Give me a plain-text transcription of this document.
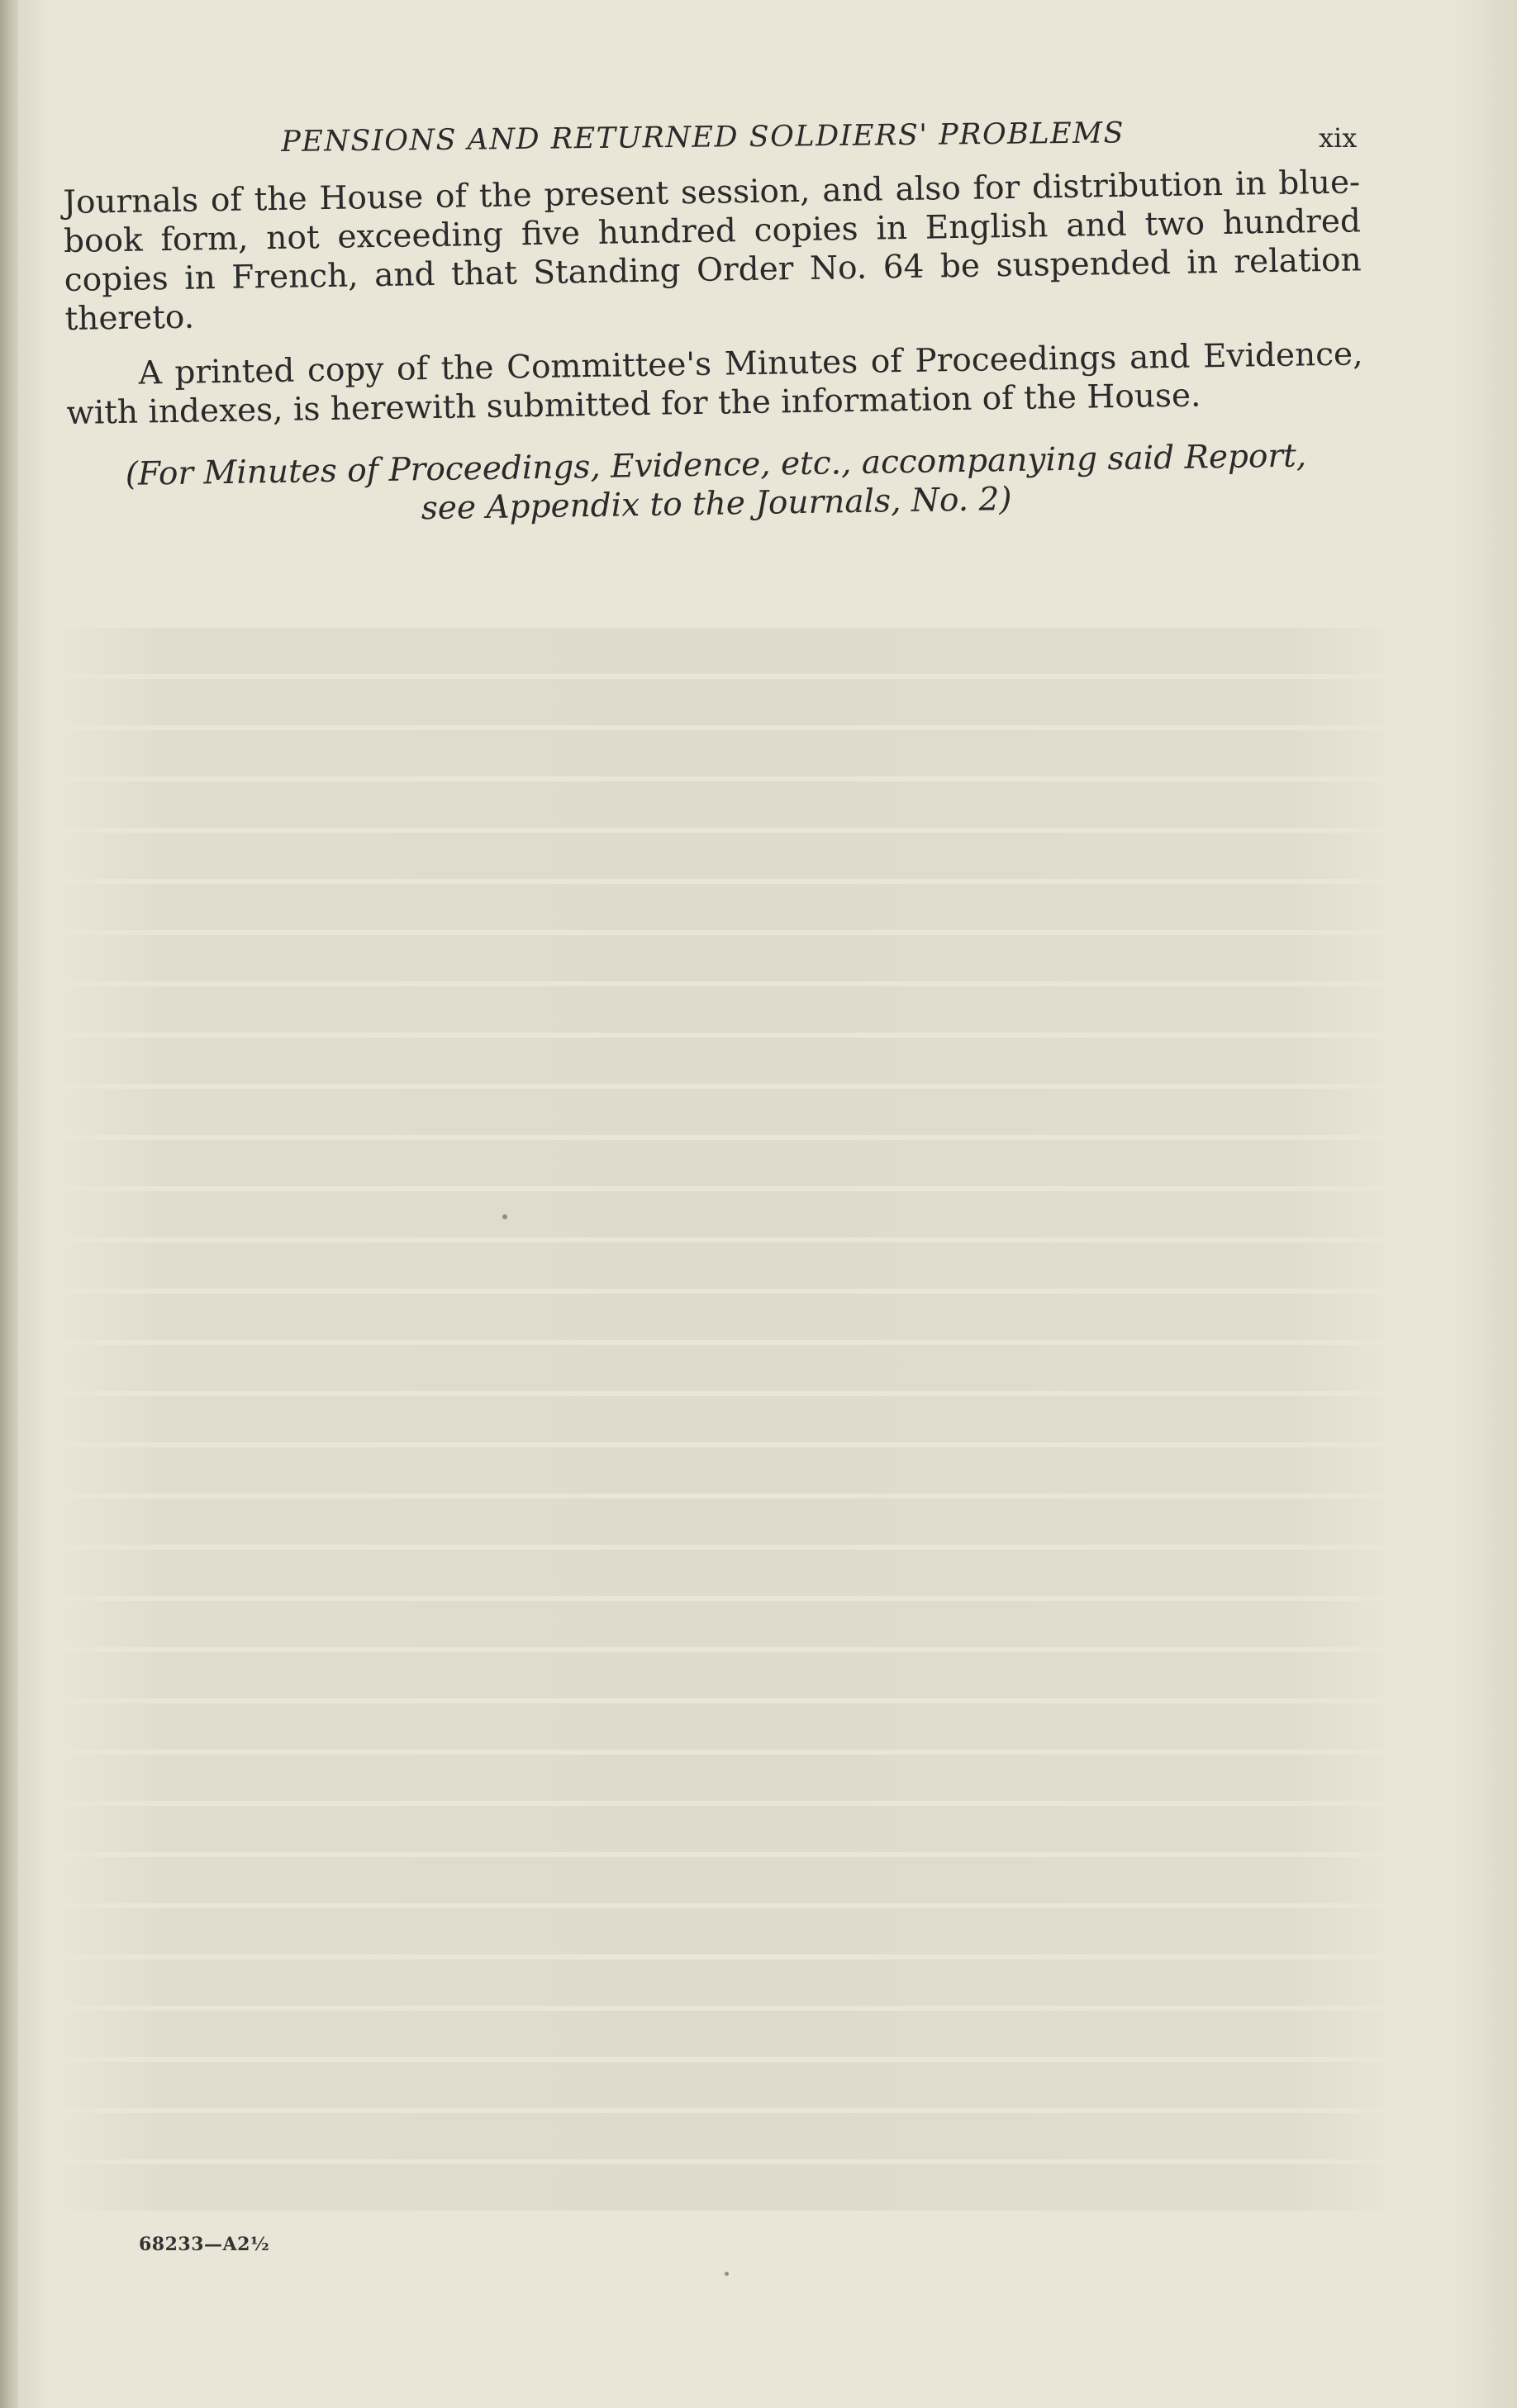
PENSIONS AND RETURNED SOLDIERS' PROBLEMS	xix

Journals of the House of the present session, and also for distribution in blue-book form, not exceeding five hundred copies in English and two hundred copies in French, and that Standing Order No. 64 be suspended in relation thereto.

A printed copy of the Committee's Minutes of Proceedings and Evidence, with indexes, is herewith submitted for the information of the House.

(For Minutes of Proceedings, Evidence, etc., accompanying said Report, see Appendix to the Journals, No. 2)

68233—A2½
